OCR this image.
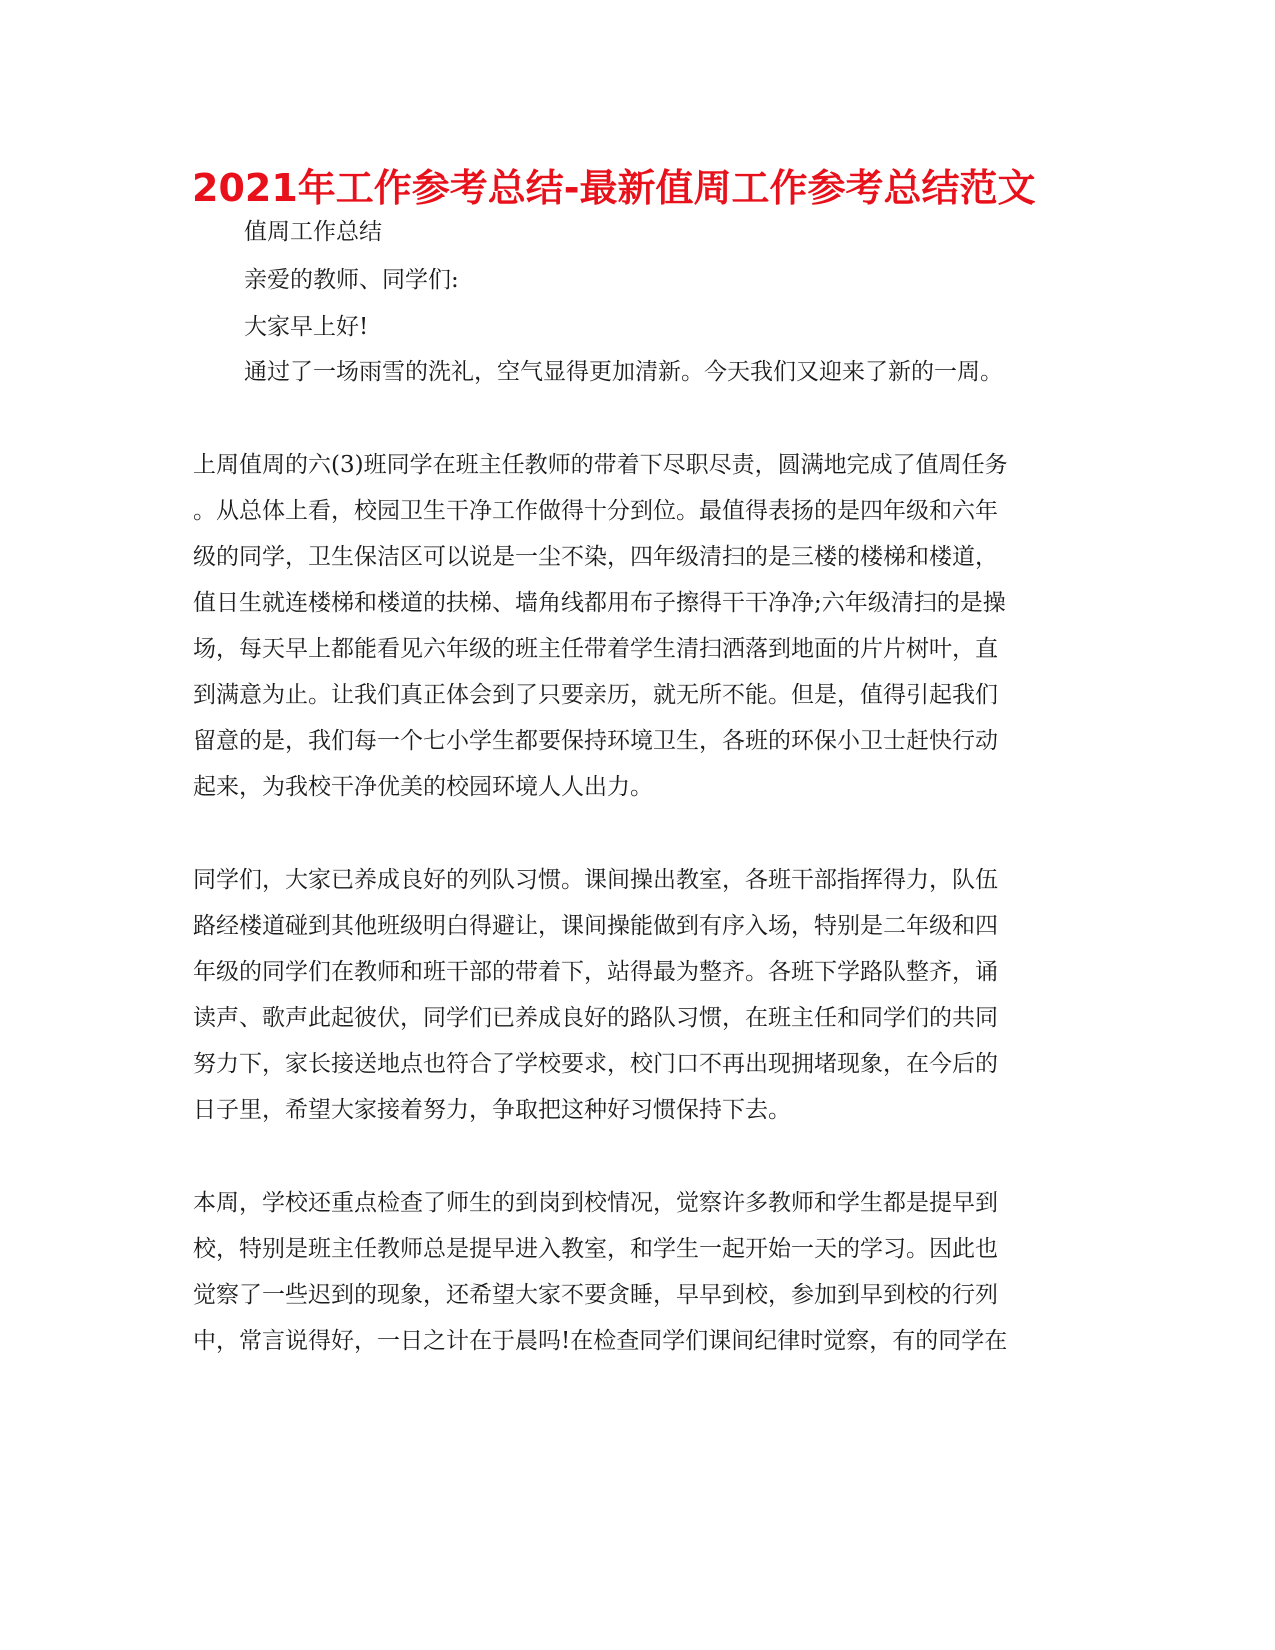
2021年工作参考总结-最新值周工作参考总结范文
值周工作总结
亲爱的教师、同学们:
大家早上好!
通过了一场雨雪的洗礼，空气显得更加清新。今天我们又迎来了新的一周。
上周值周的六(3)班同学在班主任教师的带着下尽职尽责，圆满地完成了值周任务
。从总体上看，校园卫生干净工作做得十分到位。最值得表扬的是四年级和六年
级的同学，卫生保洁区可以说是一尘不染，四年级清扫的是三楼的楼梯和楼道，
值日生就连楼梯和楼道的扶梯、墙角线都用布子擦得干干净净;六年级清扫的是操
场，每天早上都能看见六年级的班主任带着学生清扫洒落到地面的片片树叶，直
到满意为止。让我们真正体会到了只要亲历，就无所不能。但是，值得引起我们
留意的是，我们每一个七小学生都要保持环境卫生，各班的环保小卫士赶快行动
起来，为我校干净优美的校园环境人人出力。
同学们，大家已养成良好的列队习惯。课间操出教室，各班干部指挥得力，队伍
路经楼道碰到其他班级明白得避让，课间操能做到有序入场，特别是二年级和四
年级的同学们在教师和班干部的带着下，站得最为整齐。各班下学路队整齐，诵
读声、歌声此起彼伏，同学们已养成良好的路队习惯，在班主任和同学们的共同
努力下，家长接送地点也符合了学校要求，校门口不再出现拥堵现象，在今后的
日子里，希望大家接着努力，争取把这种好习惯保持下去。
本周，学校还重点检查了师生的到岗到校情况，觉察许多教师和学生都是提早到
校，特别是班主任教师总是提早进入教室，和学生一起开始一天的学习。因此也
觉察了一些迟到的现象，还希望大家不要贪睡，早早到校，参加到早到校的行列
中，常言说得好，一日之计在于晨吗!在检查同学们课间纪律时觉察，有的同学在
